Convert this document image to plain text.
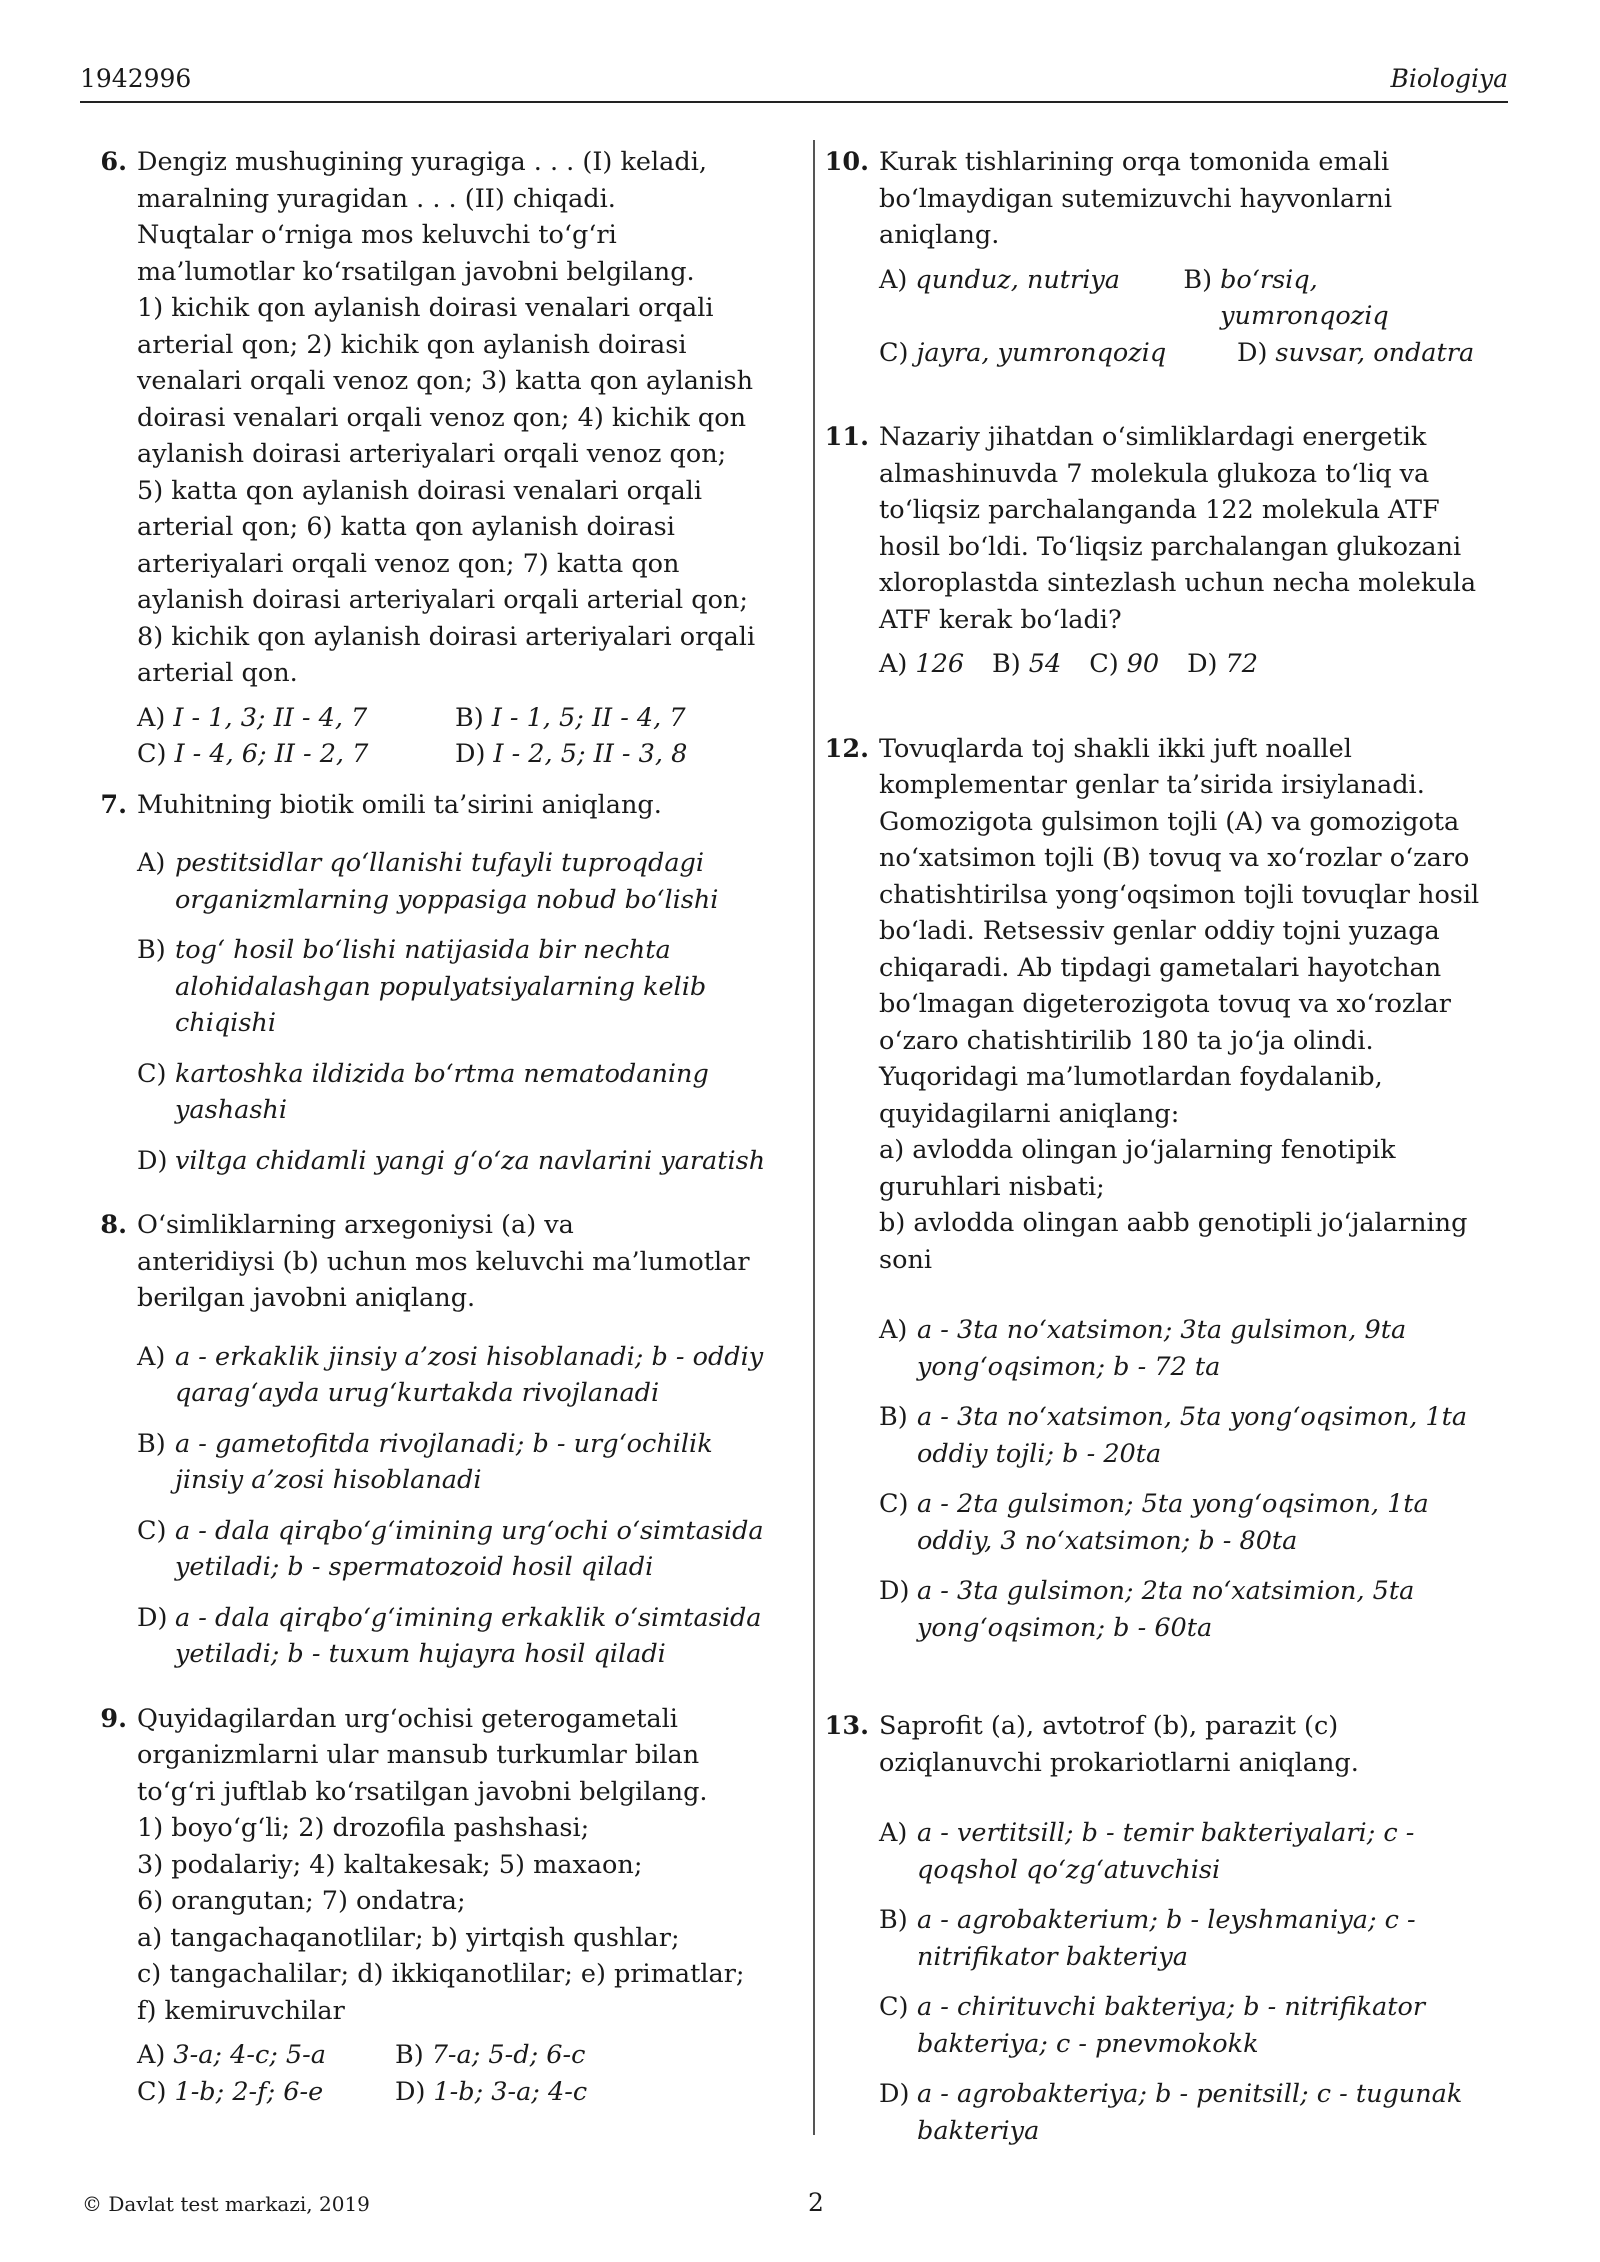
1942996	Biologiya
6. Dengiz mushugining yuragiga . . . (I) keladi,
maralning yuragidan . . . (II) chiqadi.
Nuqtalar o‘rniga mos keluvchi to‘g‘ri
ma’lumotlar ko‘rsatilgan javobni belgilang.
1) kichik qon aylanish doirasi venalari orqali
arterial qon; 2) kichik qon aylanish doirasi
venalari orqali venoz qon; 3) katta qon aylanish
doirasi venalari orqali venoz qon; 4) kichik qon
aylanish doirasi arteriyalari orqali venoz qon;
5) katta qon aylanish doirasi venalari orqali
arterial qon; 6) katta qon aylanish doirasi
arteriyalari orqali venoz qon; 7) katta qon
aylanish doirasi arteriyalari orqali arterial qon;
8) kichik qon aylanish doirasi arteriyalari orqali
arterial qon.
A) I - 1, 3; II - 4, 7	B) I - 1, 5; II - 4, 7
C) I - 4, 6; II - 2, 7	D) I - 2, 5; II - 3, 8
7. Muhitning biotik omili ta’sirini aniqlang.

A) pestitsidlar qo‘llanishi tufayli tuproqdagi organizmlarning yoppasiga nobud bo‘lishi
B) tog‘ hosil bo‘lishi natijasida bir nechta alohidalashgan populyatsiyalarning kelib chiqishi
C) kartoshka ildizida bo‘rtma nematodaning yashashi
D) viltga chidamli yangi g‘o‘za navlarini yaratish
8. O‘simliklarning arxegoniysi (a) va
anteridiysi (b) uchun mos keluvchi ma’lumotlar
berilgan javobni aniqlang.
A) a - erkaklik jinsiy a’zosi hisoblanadi; b - oddiy qarag‘ayda urug‘kurtakda rivojlanadi
B) a - gametofitda rivojlanadi; b - urg‘ochilik jinsiy a’zosi hisoblanadi
C) a - dala qirqbo‘g‘imining urg‘ochi o‘simtasida yetiladi; b - spermatozoid hosil qiladi
D) a - dala qirqbo‘g‘imining erkaklik o‘simtasida yetiladi; b - tuxum hujayra hosil qiladi
9. Quyidagilardan urg‘ochisi geterogametali
organizmlarni ular mansub turkumlar bilan
to‘g‘ri juftlab ko‘rsatilgan javobni belgilang.
1) boyo‘g‘li; 2) drozofila pashshasi;
3) podalariy; 4) kaltakesak; 5) maxaon;
6) orangutan; 7) ondatra;
a) tangachaqanotlilar; b) yirtqish qushlar;
c) tangachalilar; d) ikkiqanotlilar; e) primatlar;
f) kemiruvchilar
A) 3-a; 4-c; 5-a	B) 7-a; 5-d; 6-c
C) 1-b; 2-f; 6-e	D) 1-b; 3-a; 4-c
10. Kurak tishlarining orqa tomonida emali
bo‘lmaydigan sutemizuvchi hayvonlarni
aniqlang.
A) qunduz, nutriya B) bo‘rsiq, yumronqoziq
C) jayra, yumronqoziq	D) suvsar, ondatra
11. Nazariy jihatdan o‘simliklardagi energetik
almashinuvda 7 molekula glukoza to‘liq va
to‘liqsiz parchalanganda 122 molekula ATF
hosil bo‘ldi. To‘liqsiz parchalangan glukozani
xloroplastda sintezlash uchun necha molekula
ATF kerak bo‘ladi?
A) 126 B) 54 C) 90 D) 72
12. Tovuqlarda toj shakli ikki juft noallel
komplementar genlar ta’sirida irsiylanadi.
Gomozigota gulsimon tojli (A) va gomozigota
no‘xatsimon tojli (B) tovuq va xo‘rozlar o‘zaro
chatishtirilsa yong‘oqsimon tojli tovuqlar hosil
bo‘ladi. Retsessiv genlar oddiy tojni yuzaga
chiqaradi. Ab tipdagi gametalari hayotchan
bo‘lmagan digeterozigota tovuq va xo‘rozlar
o‘zaro chatishtirilib 180 ta jo‘ja olindi.
Yuqoridagi ma’lumotlardan foydalanib,
quyidagilarni aniqlang:
a) avlodda olingan jo‘jalarning fenotipik
guruhlari nisbati;
b) avlodda olingan aabb genotipli jo‘jalarning
soni
A) a - 3ta no‘xatsimon; 3ta gulsimon, 9ta yong‘oqsimon; b - 72 ta
B) a - 3ta no‘xatsimon, 5ta yong‘oqsimon, 1ta oddiy tojli; b - 20ta
C) a - 2ta gulsimon; 5ta yong‘oqsimon, 1ta oddiy, 3 no‘xatsimon; b - 80ta
D) a - 3ta gulsimon; 2ta no‘xatsimion, 5ta yong‘oqsimon; b - 60ta
13. Saprofit (a), avtotrof (b), parazit (c)
oziqlanuvchi prokariotlarni aniqlang.
A) a - vertitsill; b - temir bakteriyalari; c - qoqshol qo‘zg‘atuvchisi
B) a - agrobakterium; b - leyshmaniya; c - nitrifikator bakteriya
C) a - chirituvchi bakteriya; b - nitrifikator bakteriya; c - pnevmokokk
D) a - agrobakteriya; b - penitsill; c - tugunak bakteriya
© Davlat test markazi, 2019	2
